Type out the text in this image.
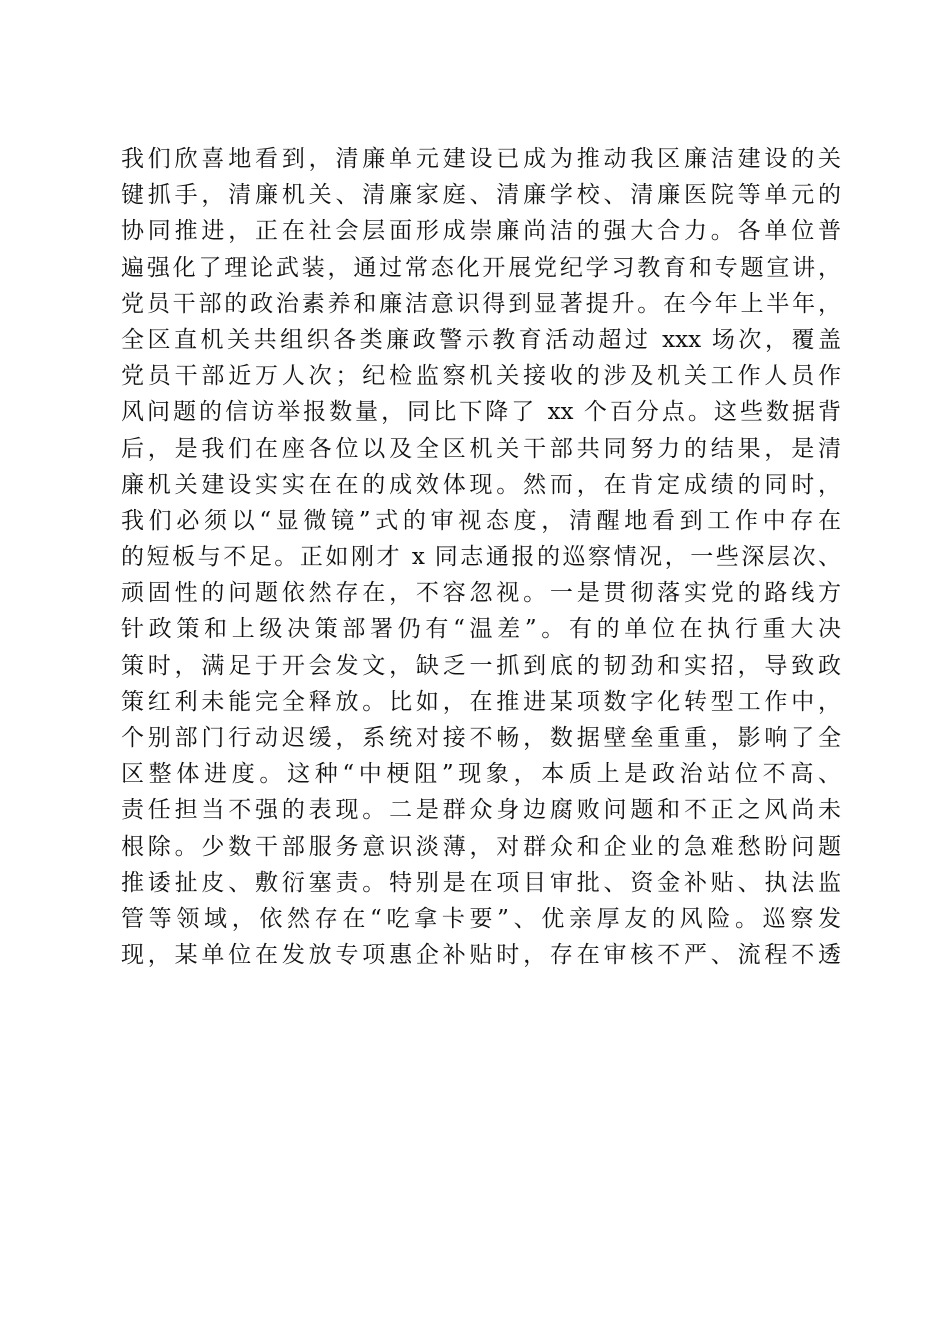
我们欣喜地看到，清廉单元建设已成为推动我区廉洁建设的关
键抓手，清廉机关、清廉家庭、清廉学校、清廉医院等单元的
协同推进，正在社会层面形成崇廉尚洁的强大合力。各单位普
遍强化了理论武装，通过常态化开展党纪学习教育和专题宣讲，
党员干部的政治素养和廉洁意识得到显著提升。在今年上半年，
全区直机关共组织各类廉政警示教育活动超过 xxx 场次，覆盖
党员干部近万人次；纪检监察机关接收的涉及机关工作人员作
风问题的信访举报数量，同比下降了 xx 个百分点。这些数据背
后，是我们在座各位以及全区机关干部共同努力的结果，是清
廉机关建设实实在在的成效体现。然而，在肯定成绩的同时，
我们必须以“显微镜”式的审视态度，清醒地看到工作中存在
的短板与不足。正如刚才 x 同志通报的巡察情况，一些深层次、
顽固性的问题依然存在，不容忽视。一是贯彻落实党的路线方
针政策和上级决策部署仍有“温差”。有的单位在执行重大决
策时，满足于开会发文，缺乏一抓到底的韧劲和实招，导致政
策红利未能完全释放。比如，在推进某项数字化转型工作中，
个别部门行动迟缓，系统对接不畅，数据壁垒重重，影响了全
区整体进度。这种“中梗阻”现象，本质上是政治站位不高、
责任担当不强的表现。二是群众身边腐败问题和不正之风尚未
根除。少数干部服务意识淡薄，对群众和企业的急难愁盼问题
推诿扯皮、敷衍塞责。特别是在项目审批、资金补贴、执法监
管等领域，依然存在“吃拿卡要”、优亲厚友的风险。巡察发
现，某单位在发放专项惠企补贴时，存在审核不严、流程不透
